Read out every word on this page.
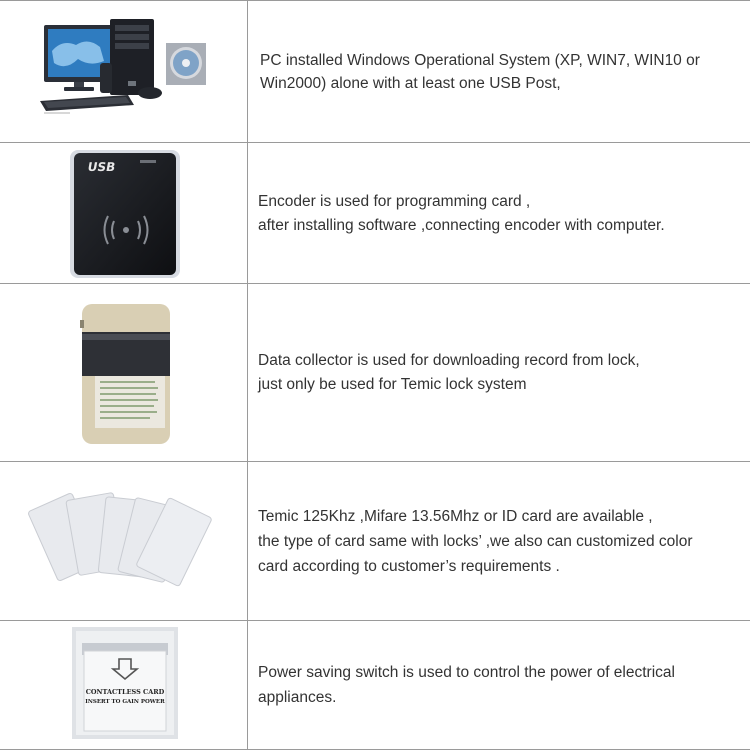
PC installed Windows Operational System (XP, WIN7, WIN10 or
Win2000) alone with at least one USB Post,
USB
Encoder is used for programming card ,
after installing software ,connecting encoder with computer.
Data collector is used for downloading record from lock,
just only be used for Temic lock system
Temic 125Khz ,Mifare 13.56Mhz or ID card are available ,
the type of card same with locks’ ,we also can customized color
card according to customer’s requirements .
CONTACTLESS CARD
INSERT TO GAIN POWER
Power saving switch is used to control the power of electrical
appliances.
